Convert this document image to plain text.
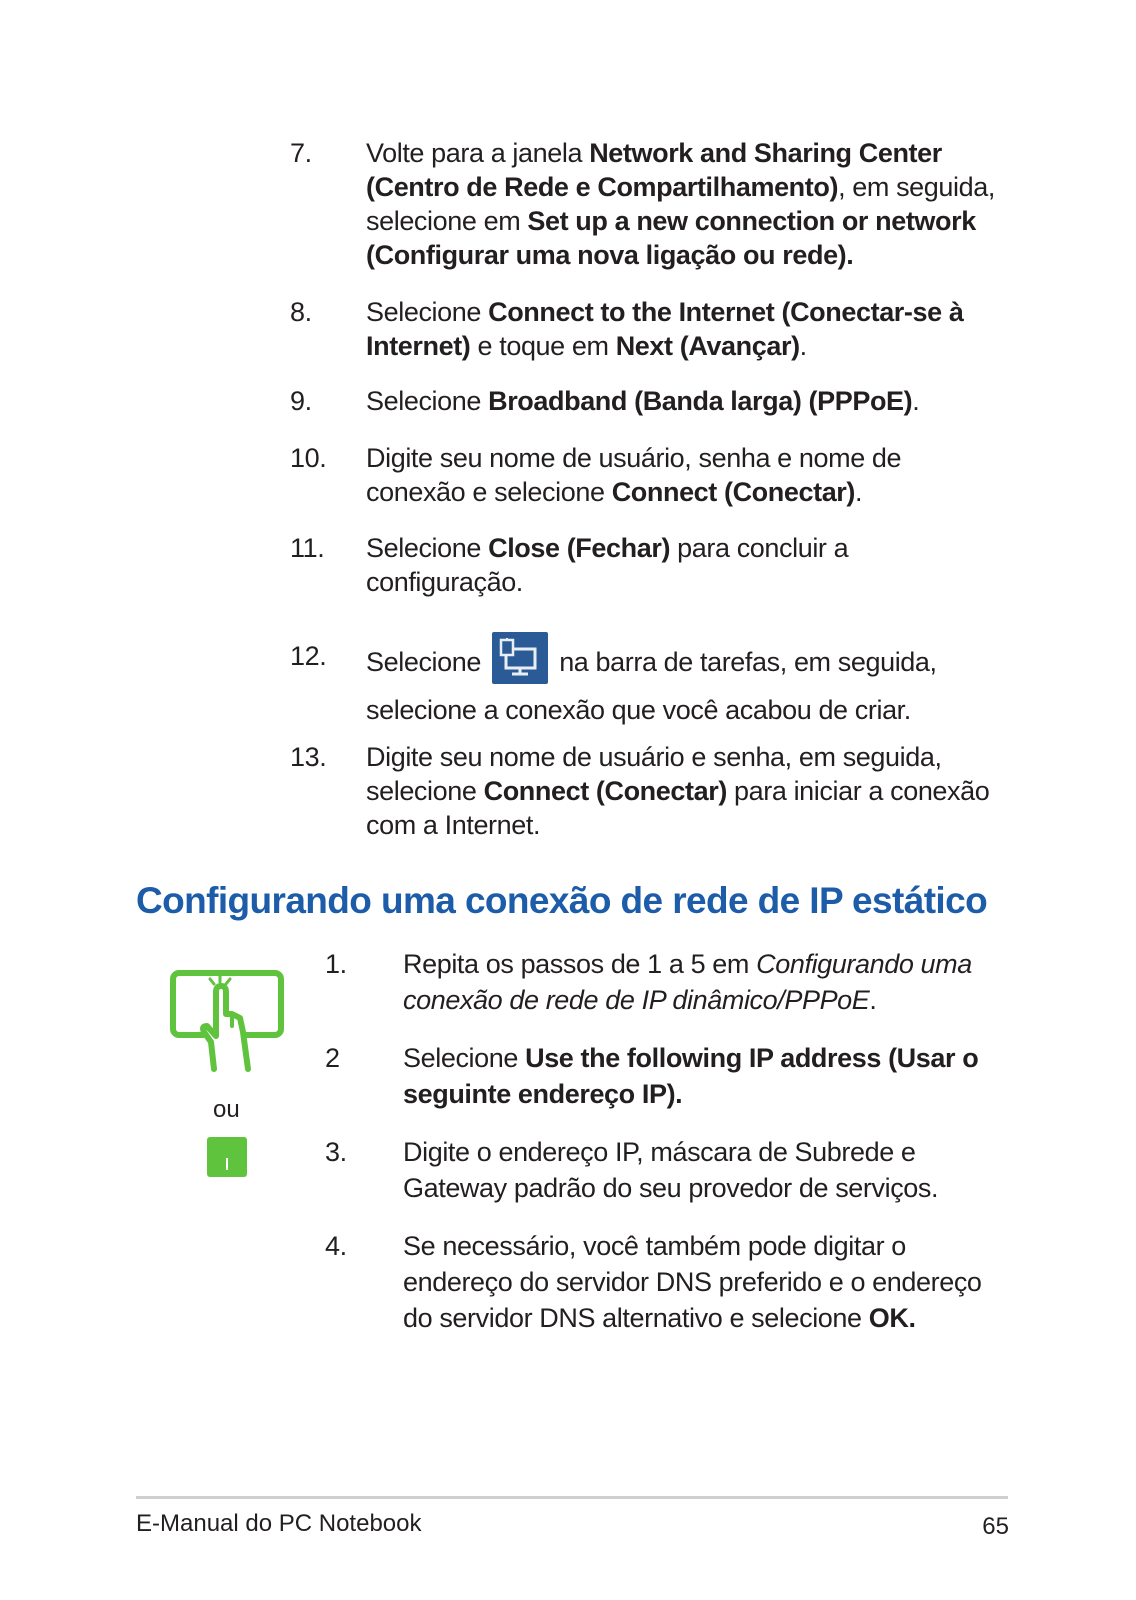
7. Volte para a janela Network and Sharing Center (Centro de Rede e Compartilhamento), em seguida, selecione em Set up a new connection or network (Configurar uma nova ligação ou rede).
8. Selecione Connect to the Internet (Conectar-se à Internet) e toque em Next (Avançar).
9. Selecione Broadband (Banda larga) (PPPoE).
10. Digite seu nome de usuário, senha e nome de conexão e selecione Connect (Conectar).
11. Selecione Close (Fechar) para concluir a configuração.
12. Selecione
na barra de tarefas, em seguida, selecione a conexão que você acabou de criar.
13. Digite seu nome de usuário e senha, em seguida, selecione Connect (Conectar) para iniciar a conexão com a Internet.
Configurando uma conexão de rede de IP estático
ou
1. Repita os passos de 1 a 5 em Configurando uma conexão de rede de IP dinâmico/PPPoE.
2 Selecione Use the following IP address (Usar o seguinte endereço IP).
3. Digite o endereço IP, máscara de Subrede e Gateway padrão do seu provedor de serviços.
4. Se necessário, você também pode digitar o endereço do servidor DNS preferido e o endereço do servidor DNS alternativo e selecione OK.
E-Manual do PC Notebook	65
